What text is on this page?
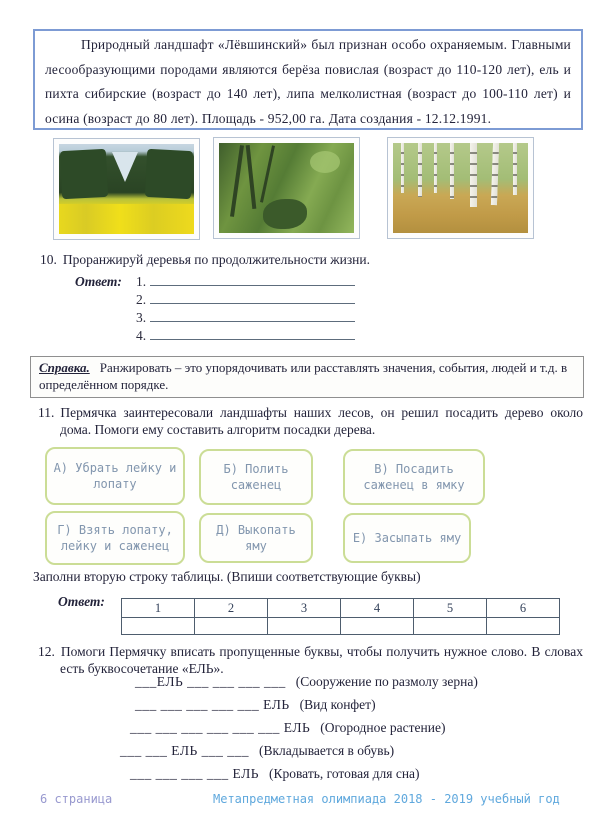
Природный ландшафт «Лёвшинский» был признан особо охраняемым. Главными лесообразующими породами являются берёза повислая (возраст до 110-120 лет), ель и пихта сибирские (возраст до 140 лет), липа мелколистная (возраст до 100-110 лет) и осина (возраст до 80 лет). Площадь - 952,00 га. Дата создания - 12.12.1991.

10. Проранжируй деревья по продолжительности жизни.
Ответ: 1.
2.
3.
4.
Справка. Ранжировать – это упорядочивать или расставлять значения, события, людей и т.д. в определённом порядке.
11. Пермячка заинтересовали ландшафты наших лесов, он решил посадить дерево около дома. Помоги ему составить алгоритм посадки дерева.
А) Убрать лейку и лопату
Б) Полить саженец
В) Посадить саженец в ямку
Г) Взять лопату, лейку и саженец
Д) Выкопать яму
Е) Засыпать яму
Заполни вторую строку таблицы. (Впиши соответствующие буквы)
Ответ:	1	2	3	4	5	6

12. Помоги Пермячку вписать пропущенные буквы, чтобы получить нужное слово. В словах есть буквосочетание «ЕЛЬ».
___ЕЛЬ ___ ___ ___ ___ (Сооружение по размолу зерна)
___ ___ ___ ___ ___ ЕЛЬ (Вид конфет)
___ ___ ___ ___ ___ ___ ЕЛЬ (Огородное растение)
___ ___ ЕЛЬ ___ ___ (Вкладывается в обувь)
___ ___ ___ ___ ЕЛЬ (Кровать, готовая для сна)
6 страница	Метапредметная олимпиада 2018 - 2019 учебный год
